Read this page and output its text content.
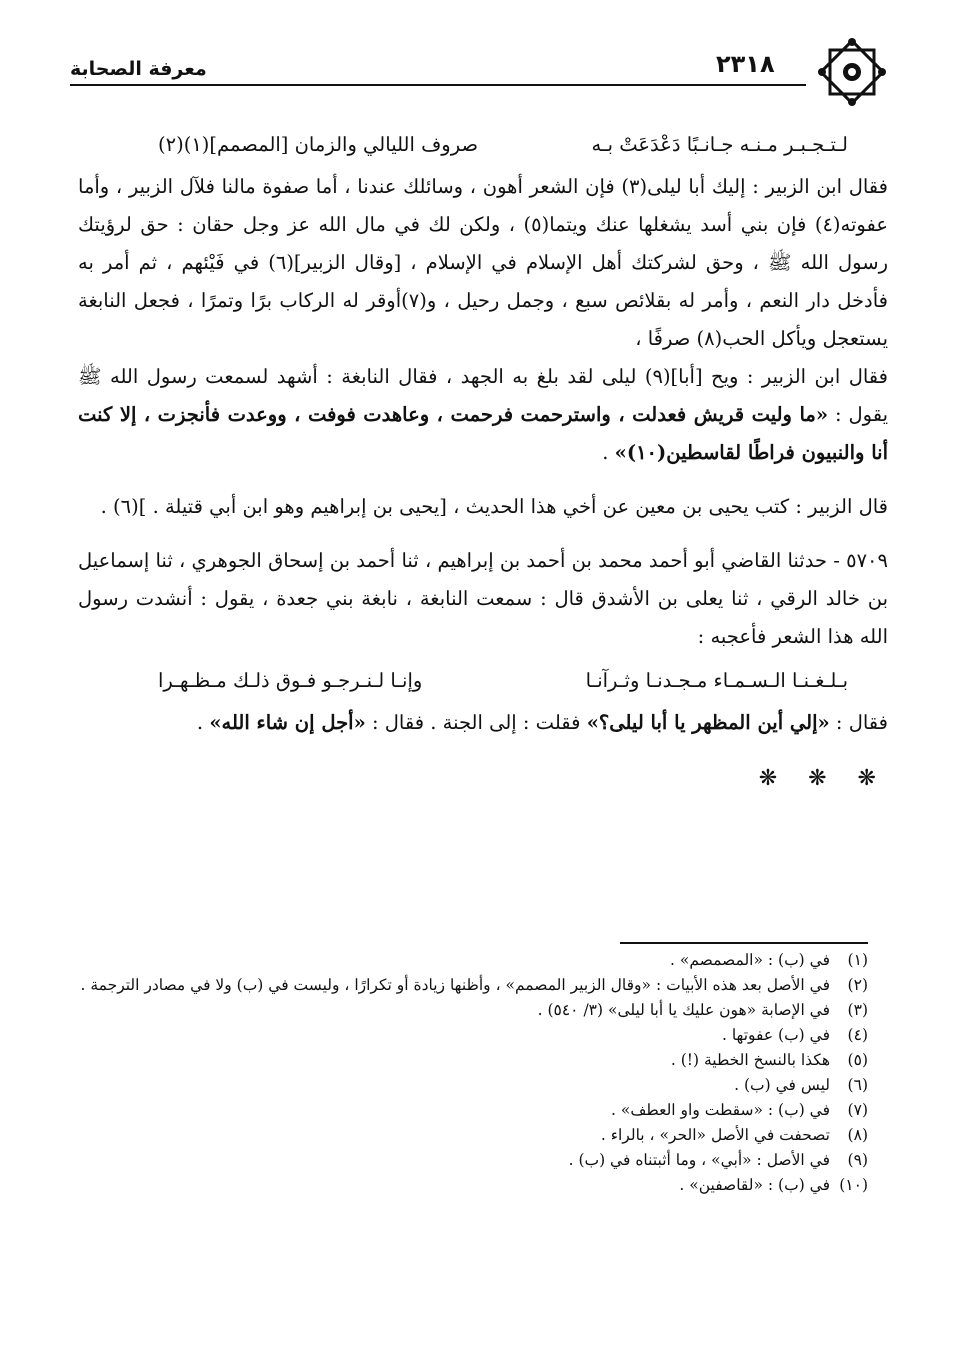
معرفة الصحابة	٢٣١٨
لـتـجـبـر مـنـه جـانـبًا دَعْدَعَتْ بـه
صروف الليالي والزمان [المصمم](١)(٢)

فقال ابن الزبير : إليك أبا ليلى(٣) فإن الشعر أهون ، وسائلك عندنا ، أما صفوة مالنا فلآل الزبير ، وأما عفوته(٤) فإن بني أسد يشغلها عنك ويتما(٥) ، ولكن لك في مال الله عز وجل حقان : حق لرؤيتك رسول الله ﷺ ، وحق لشركتك أهل الإسلام في الإسلام ، [وقال الزبير](٦) في فَيْئهم ، ثم أمر به فأدخل دار النعم ، وأمر له بقلائص سبع ، وجمل رحيل ، و(٧)أوقر له الركاب برًا وتمرًا ، فجعل النابغة يستعجل ويأكل الحب(٨) صرفًا ،

فقال ابن الزبير : ويح [أبا](٩) ليلى لقد بلغ به الجهد ، فقال النابغة : أشهد لسمعت رسول الله ﷺ يقول : «ما وليت قريش فعدلت ، واسترحمت فرحمت ، وعاهدت فوفت ، ووعدت فأنجزت ، إلا كنت أنا والنبيون فراطًا لقاسطين(١٠)» .

قال الزبير : كتب يحيى بن معين عن أخي هذا الحديث ، [يحيى بن إبراهيم وهو ابن أبي قتيلة . ](٦) .

٥٧٠٩ - حدثنا القاضي أبو أحمد محمد بن أحمد بن إبراهيم ، ثنا أحمد بن إسحاق الجوهري ، ثنا إسماعيل بن خالد الرقي ، ثنا يعلى بن الأشدق قال : سمعت النابغة ، نابغة بني جعدة ، يقول : أنشدت رسول الله هذا الشعر فأعجبه :

بـلـغـنـا الـسـمـاء مـجـدنـا وثـرآنـا
وإنـا لـنـرجـو فـوق ذلـك مـظـهـرا

فقال : «إلي أين المظهر يا أبا ليلى؟» فقلت : إلى الجنة . فقال : «أجل إن شاء الله» .

❋ ❋ ❋
(١)
في (ب) : «المصمصم» .
(٢)
في الأصل بعد هذه الأبيات : «وقال الزبير المصمم» ، وأظنها زيادة أو تكرارًا ، وليست في (ب) ولا في مصادر الترجمة .
(٣)
في الإصابة «هون عليك يا أبا ليلى» (٣/ ٥٤٠) .
(٤)
في (ب) عفوتها .
(٥)
هكذا بالنسخ الخطية (!) .
(٦)
ليس في (ب) .
(٧)
في (ب) : «سقطت واو العطف» .
(٨)
تصحفت في الأصل «الحر» ، بالراء .
(٩)
في الأصل : «أبي» ، وما أثبتناه في (ب) .
(١٠)
في (ب) : «لقاصفين» .
